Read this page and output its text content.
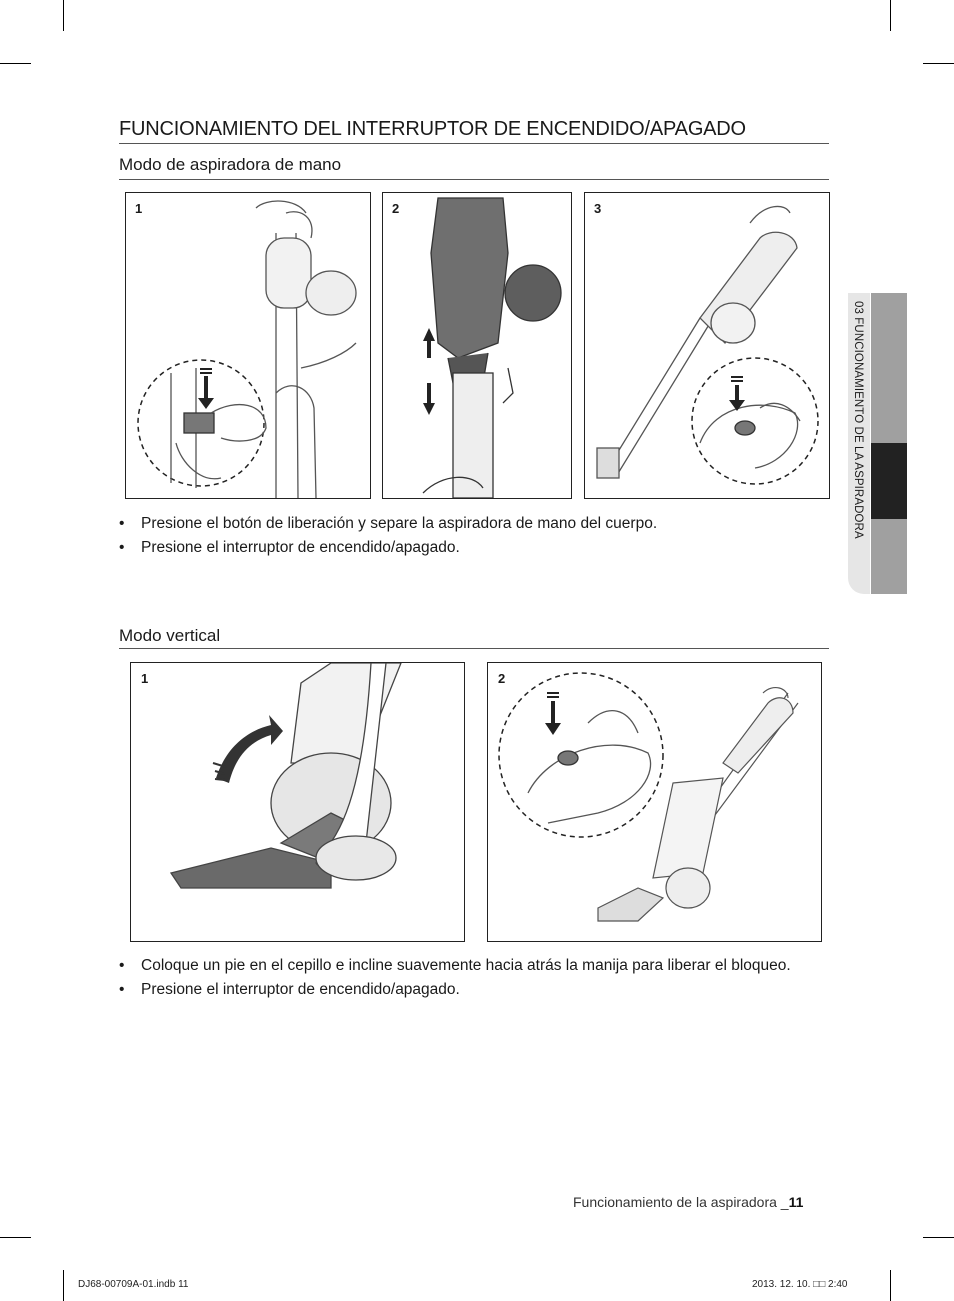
FUNCIONAMIENTO DEL INTERRUPTOR DE ENCENDIDO/APAGADO
Modo de aspiradora de mano
1	2	3
• Presione el botón de liberación y separe la aspiradora de mano del cuerpo.
• Presione el interruptor de encendido/apagado.
Modo vertical
1	2
• Coloque un pie en el cepillo e incline suavemente hacia atrás la manija para liberar el bloqueo.
• Presione el interruptor de encendido/apagado.
03 FUNCIONAMIENTO DE LA ASPIRADORA
Funcionamiento de la aspiradora _11
DJ68-00709A-01.indb 11	2013. 12. 10. □□ 2:40
